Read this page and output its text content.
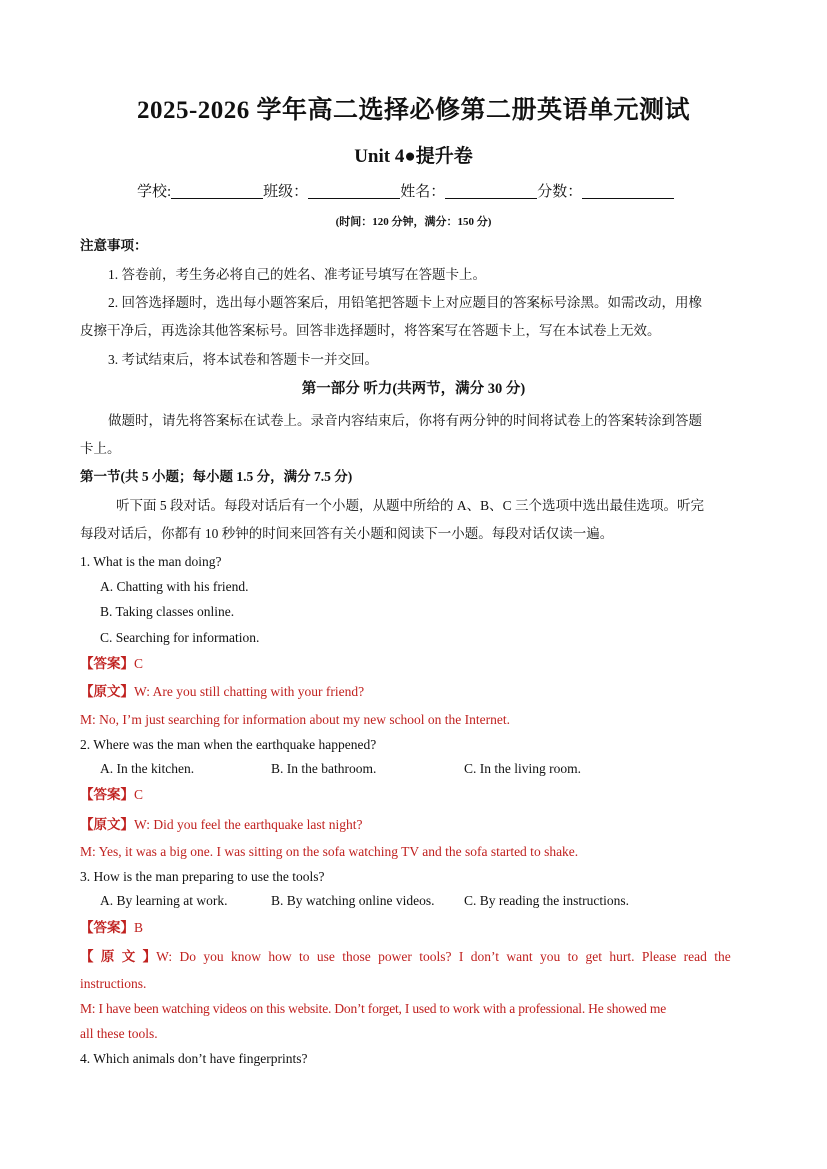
2025-2026 学年高二选择必修第二册英语单元测试
Unit 4●提升卷
学校:	班级：	姓名：	分数：
(时间：120 分钟，满分：150 分)
注意事项：
1. 答卷前，考生务必将自己的姓名、准考证号填写在答题卡上。
2. 回答选择题时，选出每小题答案后，用铅笔把答题卡上对应题目的答案标号涂黑。如需改动，用橡
皮擦干净后，再选涂其他答案标号。回答非选择题时，将答案写在答题卡上，写在本试卷上无效。
3. 考试结束后，将本试卷和答题卡一并交回。
第一部分 听力(共两节，满分 30 分)
做题时，请先将答案标在试卷上。录音内容结束后，你将有两分钟的时间将试卷上的答案转涂到答题
卡上。
第一节(共 5 小题；每小题 1.5 分，满分 7.5 分)
听下面 5 段对话。每段对话后有一个小题，从题中所给的 A、B、C 三个选项中选出最佳选项。听完
每段对话后，你都有 10 秒钟的时间来回答有关小题和阅读下一小题。每段对话仅读一遍。
1. What is the man doing?
A. Chatting with his friend.
B. Taking classes online.
C. Searching for information.
【答案】C
【原文】W: Are you still chatting with your friend?
M: No, I’m just searching for information about my new school on the Internet.
2. Where was the man when the earthquake happened?
A. In the kitchen.	B. In the bathroom.	C. In the living room.
【答案】C
【原文】W: Did you feel the earthquake last night?
M: Yes, it was a big one. I was sitting on the sofa watching TV and the sofa started to shake.
3. How is the man preparing to use the tools?
A. By learning at work.	B. By watching online videos. C. By reading the instructions.
【答案】B
【 原 文 】W: Do you know how to use those power tools? I don’t want you to get hurt. Please read the
instructions.
M: I have been watching videos on this website. Don’t forget, I used to work with a professional. He showed me
all these tools.
4. Which animals don’t have fingerprints?
